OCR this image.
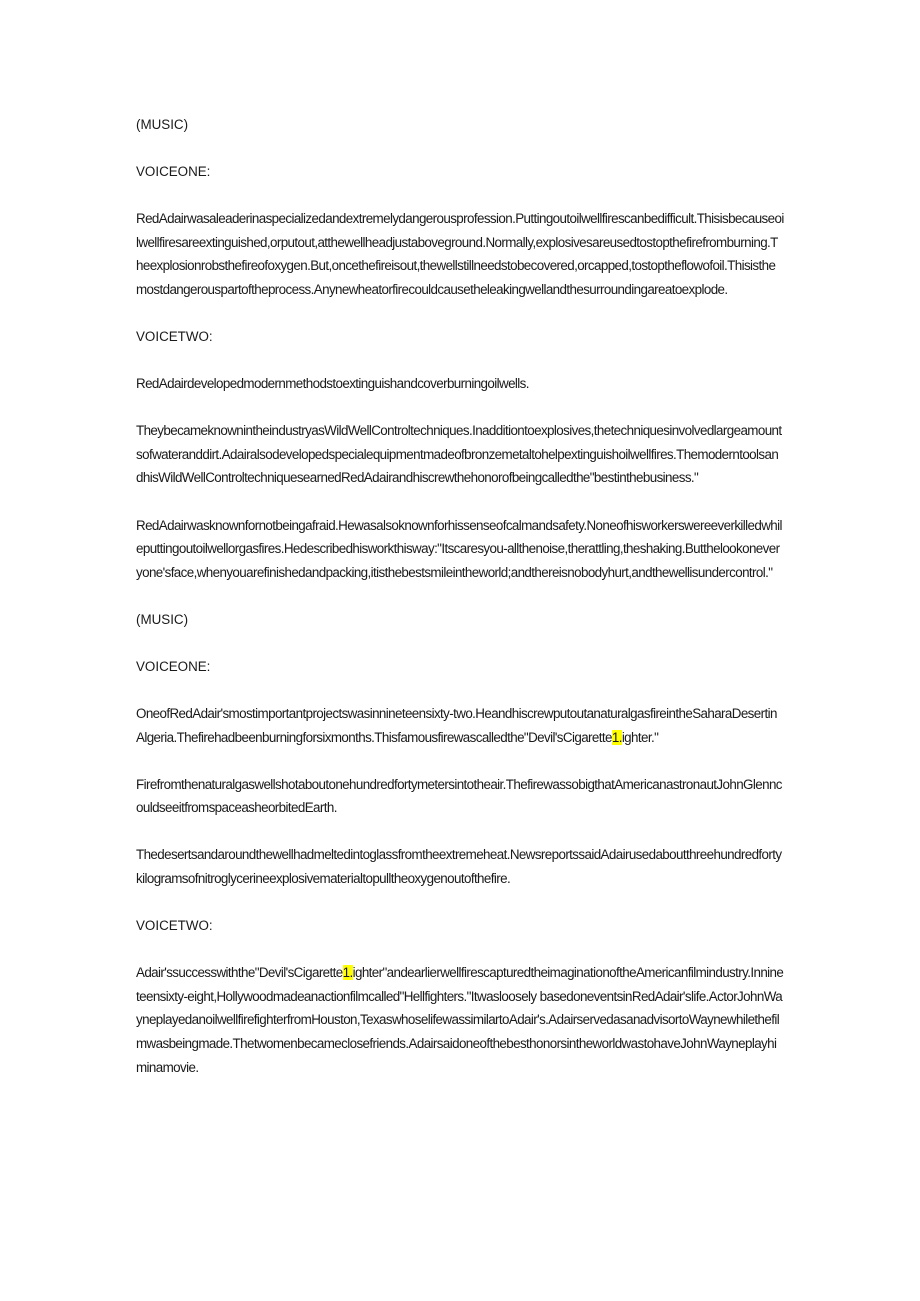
(MUSIC)

VOICEONE:

RedAdairwasaleaderinaspecializedandextremelydangerousprofession.Puttingoutoilwellfirescanbedifficult.Thisisbecauseoilwellfiresareextinguished,orputout,atthewellheadjustaboveground.Normally,explosivesareusedtostopthefirefromburning.Theexplosionrobsthefireofoxygen.But,oncethefireisout,thewellstillneedstobecovered,orcapped,tostoptheflowofoil.Thisisthemostdangerouspartoftheprocess.Anynewheatorfirecouldcausetheleakingwellandthesurroundingareatoexplode.

VOICETWO:

RedAdairdevelopedmodernmethodstoextinguishandcoverburningoilwells.

TheybecameknownintheindustryasWildWellControltechniques.Inadditiontoexplosives,thetechniquesinvolvedlargeamountsofwateranddirt.Adairalsodevelopedspecialequipmentmadeofbronzemetaltohelpextinguishoilwellfires.ThemoderntoolsandhisWildWellControltechniquesearnedRedAdairandhiscrewthehonorofbeingcalledthe"bestinthebusiness."

RedAdairwasknownfornotbeingafraid.Hewasalsoknownforhissenseofcalmandsafety.Noneofhisworkerswereeverkilledwhileputtingoutoilwellorgasfires.Hedescribedhisworkthisway:"Itscaresyou-allthenoise,therattling,theshaking.Butthelookoneveryone'sface,whenyouarefinishedandpacking,itisthebestsmileintheworld;andthereisnobodyhurt,andthewellisundercontrol."

(MUSIC)

VOICEONE:

OneofRedAdair'smostimportantprojectswasinnineteensixty-two.HeandhiscrewputoutanaturalgasfireintheSaharaDesertinAlgeria.Thefirehadbeenburningforsixmonths.Thisfamousfirewascalledthe"Devil'sCigarette1.ighter."

Firefromthenaturalgaswellshotaboutonehundredfortymetersintotheair.ThefirewassobigthatAmericanastronautJohnGlenncouldseeitfromspaceasheorbitedEarth.

Thedesertsandaroundthewellhadmeltedintoglassfromtheextremeheat.NewsreportssaidAdairusedaboutthreehundredfortykilogramsofnitroglycerineexplosivematerialtopulltheoxygenoutofthefire.

VOICETWO:

Adair'ssuccesswiththe"Devil'sCigarette1.ighter"andearlierwellfirescapturedtheimaginationoftheAmericanfilmindustry.Innineteensixty-eight,Hollywoodmadeanactionfilmcalled"Hellfighters."Itwasloosely basedoneventsinRedAdair'slife.ActorJohnWayneplayedanoilwellfirefighterfromHouston,TexaswhoselifewassimilartoAdair's.AdairservedasanadvisortoWaynewhilethefilmwasbeingmade.Thetwomenbecameclosefriends.AdairsaidoneofthebesthonorsintheworldwastohaveJohnWayneplayhiminamovie.
